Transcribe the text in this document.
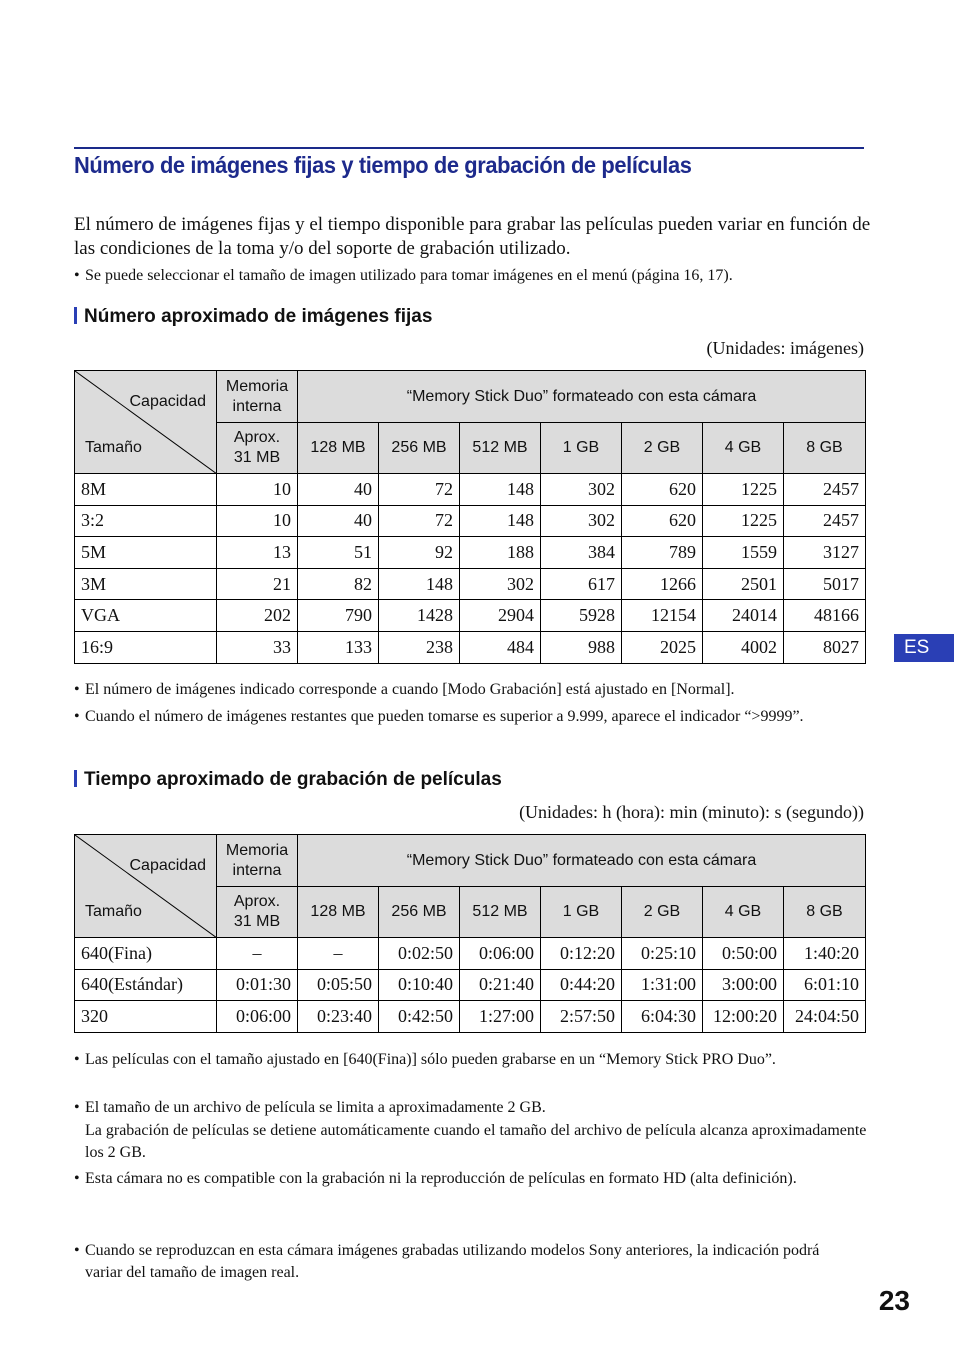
Número de imágenes fijas y tiempo de grabación de películas
El número de imágenes fijas y el tiempo disponible para grabar las películas pueden variar en función de las condiciones de la toma y/o del soporte de grabación utilizado.
• Se puede seleccionar el tamaño de imagen utilizado para tomar imágenes en el menú (página 16, 17).
Número aproximado de imágenes fijas
(Unidades: imágenes)
Capacidad
Tamaño	Memoria
interna	“Memory Stick Duo” formateado con esta cámara						
	Aprox.
31 MB	128 MB	256 MB	512 MB	1 GB	2 GB	4 GB	8 GB
8M	10	40	72	148	302	620	1225	2457
3:2	10	40	72	148	302	620	1225	2457
5M	13	51	92	188	384	789	1559	3127
3M	21	82	148	302	617	1266	2501	5017
VGA	202	790	1428	2904	5928	12154	24014	48166
16:9	33	133	238	484	988	2025	4002	8027
• El número de imágenes indicado corresponde a cuando [Modo Grabación] está ajustado en [Normal].
• Cuando el número de imágenes restantes que pueden tomarse es superior a 9.999, aparece el indicador “>9999”.
Tiempo aproximado de grabación de películas
(Unidades: h (hora): min (minuto): s (segundo))
Capacidad
Tamaño	Memoria
interna	“Memory Stick Duo” formateado con esta cámara						
	Aprox.
31 MB	128 MB	256 MB	512 MB	1 GB	2 GB	4 GB	8 GB
640(Fina)	–	–	0:02:50	0:06:00	0:12:20	0:25:10	0:50:00	1:40:20
640(Estándar)	0:01:30	0:05:50	0:10:40	0:21:40	0:44:20	1:31:00	3:00:00	6:01:10
320	0:06:00	0:23:40	0:42:50	1:27:00	2:57:50	6:04:30	12:00:20	24:04:50
• Las películas con el tamaño ajustado en [640(Fina)] sólo pueden grabarse en un “Memory Stick PRO Duo”.
• El tamaño de un archivo de película se limita a aproximadamente 2 GB.
La grabación de películas se detiene automáticamente cuando el tamaño del archivo de película alcanza aproximadamente los 2 GB.
• Esta cámara no es compatible con la grabación ni la reproducción de películas en formato HD (alta definición).
• Cuando se reproduzcan en esta cámara imágenes grabadas utilizando modelos Sony anteriores, la indicación podrá variar del tamaño de imagen real.
ES
23
